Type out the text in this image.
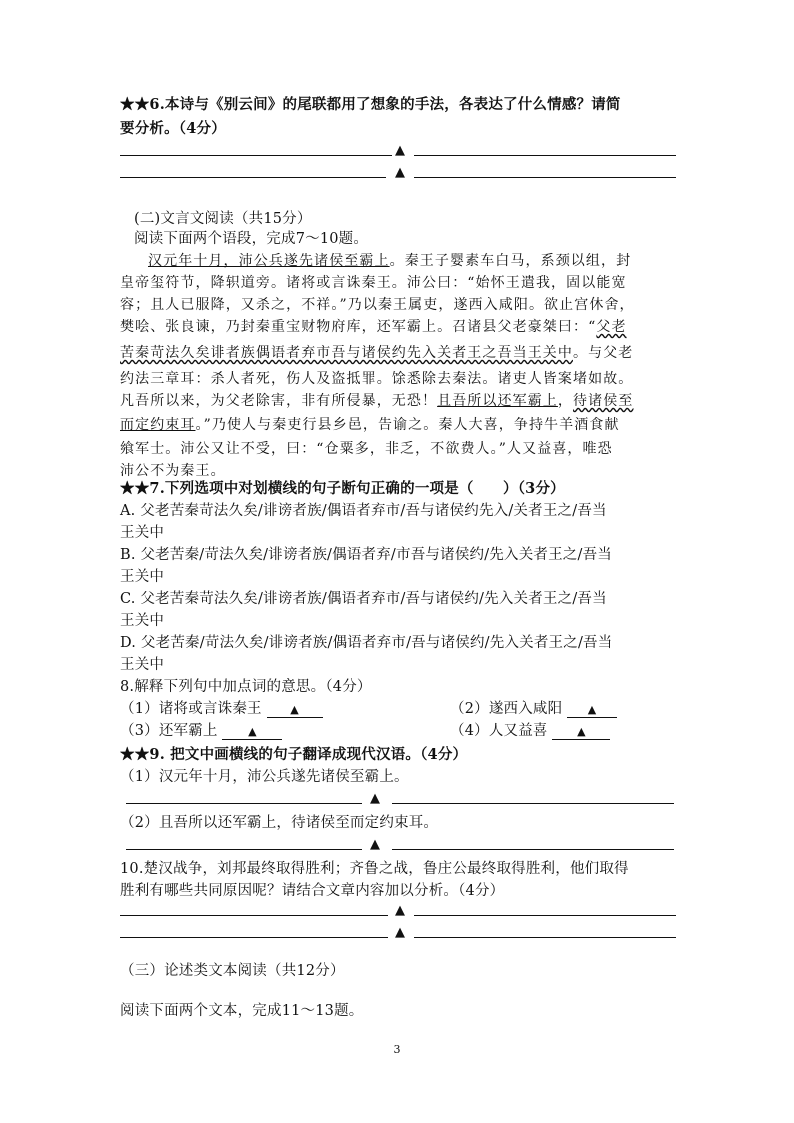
★★6.本诗与《别云间》的尾联都用了想象的手法，各表达了什么情感？请简
要分析。（4分）
▲
▲
(二)文言文阅读（共15分）
阅读下面两个语段，完成7～10题。
汉元年十月，沛公兵遂先诸侯至霸上。秦王子婴素车白马，系颈以组，封
皇帝玺符节，降轵道旁。诸将或言诛秦王。沛公曰：“始怀王遣我，固以能宽
容；且人已服降，又杀之，不祥。”乃以秦王属吏，遂西入咸阳。欲止宫休舍，
樊哙、张良谏，乃封秦重宝财物府库，还军霸上。召诸县父老豪桀曰：“父老
苦秦苛法久矣诽者族偶语者弃市吾与诸侯约先入关者王之吾当王关中。与父老
约法三章耳：杀人者死，伤人及盗抵罪。馀悉除去秦法。诸吏人皆案堵如故。
凡吾所以来，为父老除害，非有所侵暴，无恐！且吾所以还军霸上，待诸侯至
而定约束耳。”乃使人与秦吏行县乡邑，告谕之。秦人大喜，争持牛羊酒食献
飨军士。沛公又让不受，曰：“仓粟多，非乏，不欲费人。”人又益喜，唯恐
沛公不为秦王。
★★7.下列选项中对划横线的句子断句正确的一项是（　　）（3分）
A. 父老苦秦苛法久矣/诽谤者族/偶语者弃市/吾与诸侯约先入/关者王之/吾当
王关中
B. 父老苦秦/苛法久矣/诽谤者族/偶语者弃/市吾与诸侯约/先入关者王之/吾当
王关中
C. 父老苦秦苛法久矣/诽谤者族/偶语者弃市/吾与诸侯约/先入关者王之/吾当
王关中
D. 父老苦秦/苛法久矣/诽谤者族/偶语者弃市/吾与诸侯约/先入关者王之/吾当
王关中
8.解释下列句中加点词的意思。（4分）
（1）诸将或言诛秦王	▲	（2）遂西入咸阳 ▲
（3）还军霸上	▲	（4）人又益喜	▲
★★9. 把文中画横线的句子翻译成现代汉语。（4分）
（1）汉元年十月，沛公兵遂先诸侯至霸上。
▲
（2）且吾所以还军霸上，待诸侯至而定约束耳。
▲
10.楚汉战争，刘邦最终取得胜利；齐鲁之战，鲁庄公最终取得胜利，他们取得
胜利有哪些共同原因呢？请结合文章内容加以分析。（4分）
▲
▲
（三）论述类文本阅读（共12分）
阅读下面两个文本，完成11～13题。
3
